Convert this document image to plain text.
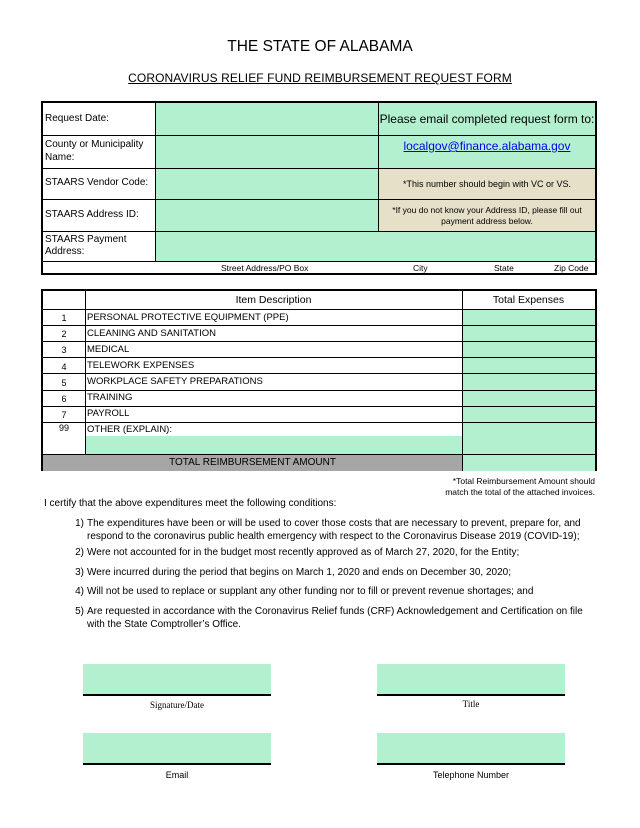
THE STATE OF ALABAMA
CORONAVIRUS RELIEF FUND REIMBURSEMENT REQUEST FORM
Request Date:
County or Municipality Name:
STAARS Vendor Code:
STAARS Address ID:
STAARS Payment Address:
Please email completed request form to:
localgov@finance.alabama.gov
*This number should begin with VC or VS.
*If you do not know your Address ID, please fill out payment address below.
Street Address/PO Box	City	State	Zip Code
Item Description	Total Expenses
1	PERSONAL PROTECTIVE EQUIPMENT (PPE)
2	CLEANING AND SANITATION
3	MEDICAL
4	TELEWORK EXPENSES
5	WORKPLACE SAFETY PREPARATIONS
6	TRAINING
7	PAYROLL
99	OTHER (EXPLAIN):
TOTAL REIMBURSEMENT AMOUNT
*Total Reimbursement Amount should
match the total of the attached invoices.
I certify that the above expenditures meet the following conditions:
1) The expenditures have been or will be used to cover those costs that are necessary to prevent, prepare for, and respond to the coronavirus public health emergency with respect to the Coronavirus Disease 2019 (COVID-19);
2) Were not accounted for in the budget most recently approved as of March 27, 2020, for the Entity;
3) Were incurred during the period that begins on March 1, 2020 and ends on December 30, 2020;
4) Will not be used to replace or supplant any other funding nor to fill or prevent revenue shortages; and
5) Are requested in accordance with the Coronavirus Relief funds (CRF) Acknowledgement and Certification on file with the State Comptroller’s Office.
Signature/Date	Title
Email	Telephone Number
